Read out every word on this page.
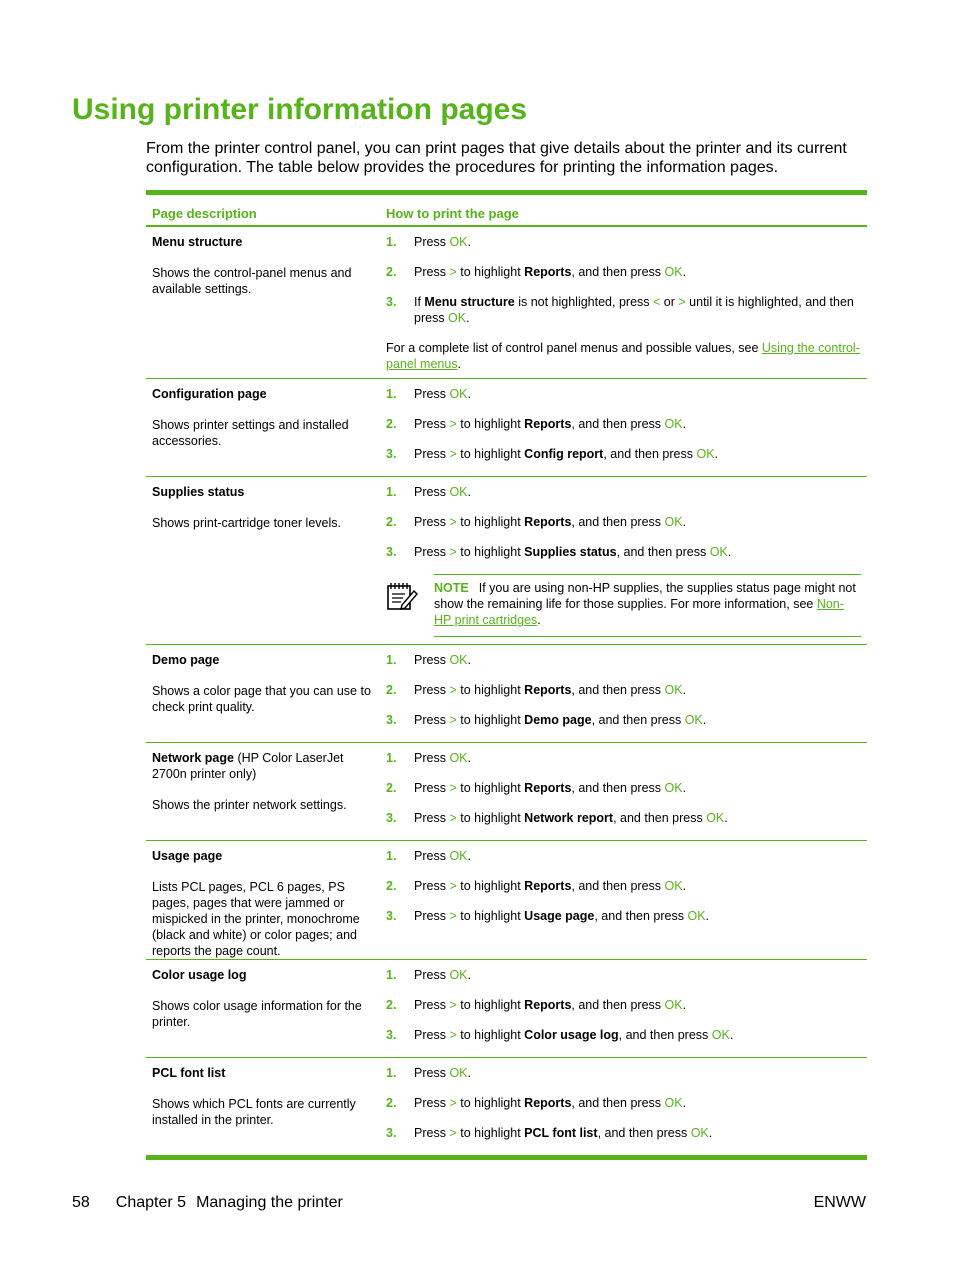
Using printer information pages

From the printer control panel, you can print pages that give details about the printer and its current configuration. The table below provides the procedures for printing the information pages.

Page description	How to print the page

Menu structure

Shows the control-panel menus and available settings.

1.	Press OK.
2.	Press > to highlight Reports, and then press OK.
3.	If Menu structure is not highlighted, press < or > until it is highlighted, and then press OK.

For a complete list of control panel menus and possible values, see Using the control-panel menus.

Configuration page

Shows printer settings and installed accessories.

1.	Press OK.
2.	Press > to highlight Reports, and then press OK.
3.	Press > to highlight Config report, and then press OK.

Supplies status

Shows print-cartridge toner levels.

1.	Press OK.
2.	Press > to highlight Reports, and then press OK.
3.	Press > to highlight Supplies status, and then press OK.
NOTE If you are using non-HP supplies, the supplies status page might not show the remaining life for those supplies. For more information, see Non-HP print cartridges.

Demo page

Shows a color page that you can use to check print quality.

1.	Press OK.
2.	Press > to highlight Reports, and then press OK.
3.	Press > to highlight Demo page, and then press OK.

Network page (HP Color LaserJet 2700n printer only)

Shows the printer network settings.

1.	Press OK.
2.	Press > to highlight Reports, and then press OK.
3.	Press > to highlight Network report, and then press OK.

Usage page

Lists PCL pages, PCL 6 pages, PS pages, pages that were jammed or mispicked in the printer, monochrome (black and white) or color pages; and reports the page count.

1.	Press OK.
2.	Press > to highlight Reports, and then press OK.
3.	Press > to highlight Usage page, and then press OK.

Color usage log

Shows color usage information for the printer.

1.	Press OK.
2.	Press > to highlight Reports, and then press OK.
3.	Press > to highlight Color usage log, and then press OK.

PCL font list

Shows which PCL fonts are currently installed in the printer.

1.	Press OK.
2.	Press > to highlight Reports, and then press OK.
3.	Press > to highlight PCL font list, and then press OK.
58 Chapter 5 Managing the printer	ENWW
